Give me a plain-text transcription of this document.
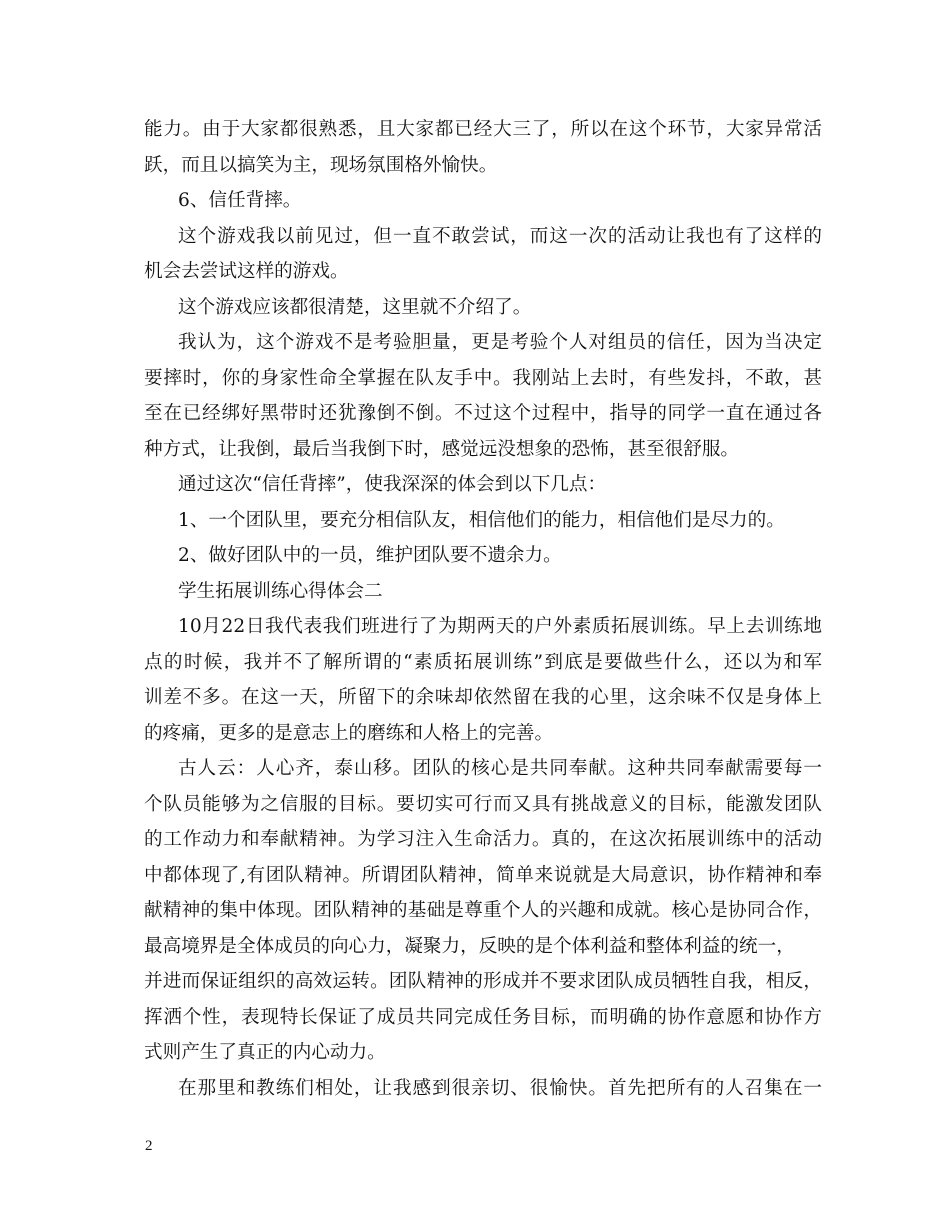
能力。由于大家都很熟悉，且大家都已经大三了，所以在这个环节，大家异常活
跃，而且以搞笑为主，现场氛围格外愉快。
6、信任背摔。
这个游戏我以前见过，但一直不敢尝试，而这一次的活动让我也有了这样的
机会去尝试这样的游戏。
这个游戏应该都很清楚，这里就不介绍了。
我认为，这个游戏不是考验胆量，更是考验个人对组员的信任，因为当决定
要摔时，你的身家性命全掌握在队友手中。我刚站上去时，有些发抖，不敢，甚
至在已经绑好黑带时还犹豫倒不倒。不过这个过程中，指导的同学一直在通过各
种方式，让我倒，最后当我倒下时，感觉远没想象的恐怖，甚至很舒服。
通过这次“信任背摔”，使我深深的体会到以下几点：
1、一个团队里，要充分相信队友，相信他们的能力，相信他们是尽力的。
2、做好团队中的一员，维护团队要不遗余力。
学生拓展训练心得体会二
10月22日我代表我们班进行了为期两天的户外素质拓展训练。早上去训练地
点的时候，我并不了解所谓的“素质拓展训练”到底是要做些什么，还以为和军
训差不多。在这一天，所留下的余味却依然留在我的心里，这余味不仅是身体上
的疼痛，更多的是意志上的磨练和人格上的完善。
古人云：人心齐，泰山移。团队的核心是共同奉献。这种共同奉献需要每一
个队员能够为之信服的目标。要切实可行而又具有挑战意义的目标，能激发团队
的工作动力和奉献精神。为学习注入生命活力。真的，在这次拓展训练中的活动
中都体现了,有团队精神。所谓团队精神，简单来说就是大局意识，协作精神和奉
献精神的集中体现。团队精神的基础是尊重个人的兴趣和成就。核心是协同合作，
最高境界是全体成员的向心力，凝聚力，反映的是个体利益和整体利益的统一，
并进而保证组织的高效运转。团队精神的形成并不要求团队成员牺牲自我，相反，
挥洒个性，表现特长保证了成员共同完成任务目标，而明确的协作意愿和协作方
式则产生了真正的内心动力。
在那里和教练们相处，让我感到很亲切、很愉快。首先把所有的人召集在一
2
